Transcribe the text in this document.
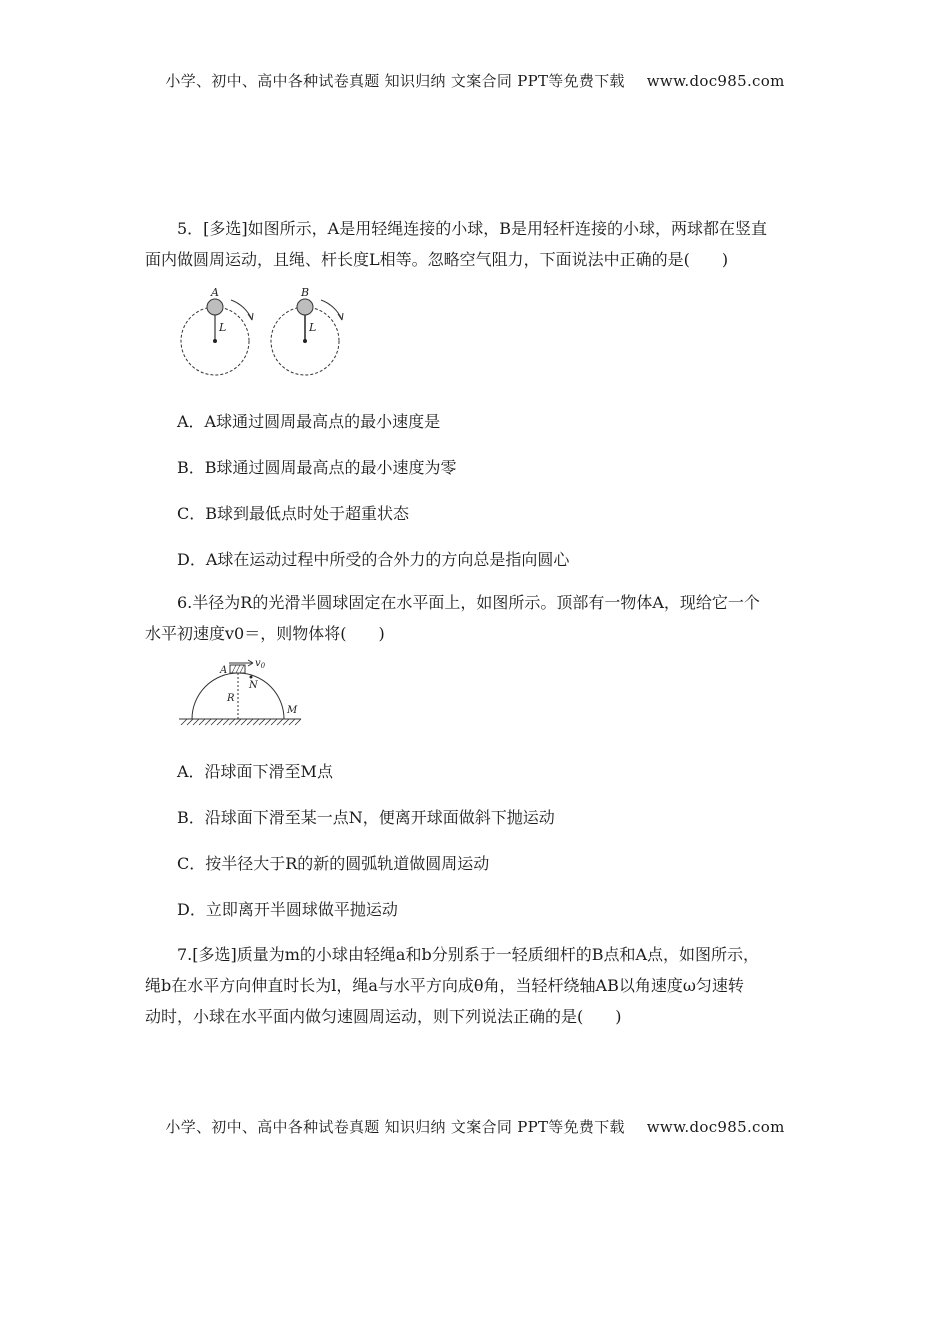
小学、初中、高中各种试卷真题 知识归纳 文案合同 PPT等免费下载 www.doc985.com

5．[多选]如图所示，A是用轻绳连接的小球，B是用轻杆连接的小球，两球都在竖直

面内做圆周运动，且绳、杆长度L相等。忽略空气阻力，下面说法中正确的是(　　)

A
L
B
L

A．A球通过圆周最高点的最小速度是

B．B球通过圆周最高点的最小速度为零

C．B球到最低点时处于超重状态

D．A球在运动过程中所受的合外力的方向总是指向圆心

6.半径为R的光滑半圆球固定在水平面上，如图所示。顶部有一物体A，现给它一个

水平初速度v0＝，则物体将(　　)

$v_0$
A
N
R
M

A．沿球面下滑至M点

B．沿球面下滑至某一点N，便离开球面做斜下抛运动

C．按半径大于R的新的圆弧轨道做圆周运动

D．立即离开半圆球做平抛运动

7.[多选]质量为m的小球由轻绳a和b分别系于一轻质细杆的B点和A点，如图所示，

绳b在水平方向伸直时长为l，绳a与水平方向成θ角，当轻杆绕轴AB以角速度ω匀速转

动时，小球在水平面内做匀速圆周运动，则下列说法正确的是(　　)

小学、初中、高中各种试卷真题 知识归纳 文案合同 PPT等免费下载 www.doc985.com
